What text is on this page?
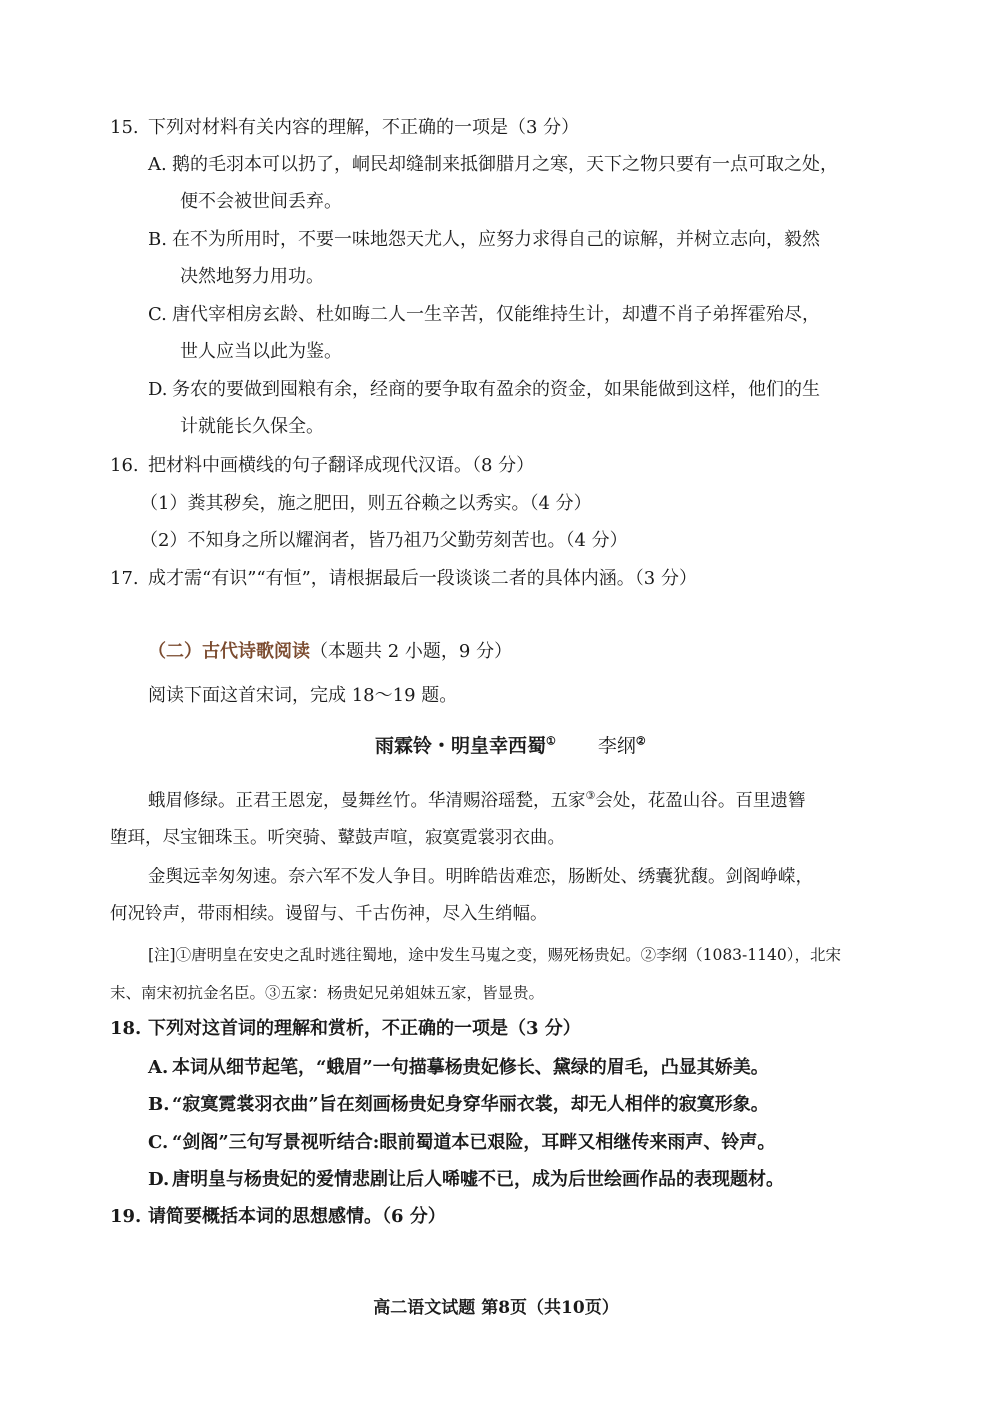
15. 下列对材料有关内容的理解，不正确的一项是（3 分）
A. 鹅的毛羽本可以扔了，峒民却缝制来抵御腊月之寒，天下之物只要有一点可取之处，
便不会被世间丢弃。
B. 在不为所用时，不要一味地怨天尤人，应努力求得自己的谅解，并树立志向，毅然
决然地努力用功。
C. 唐代宰相房玄龄、杜如晦二人一生辛苦，仅能维持生计，却遭不肖子弟挥霍殆尽，
世人应当以此为鉴。
D. 务农的要做到囤粮有余，经商的要争取有盈余的资金，如果能做到这样，他们的生
计就能长久保全。
16. 把材料中画横线的句子翻译成现代汉语。（8 分）
（1）粪其秽矣，施之肥田，则五谷赖之以秀实。（4 分）
（2）不知身之所以耀润者，皆乃祖乃父勤劳刻苦也。（4 分）
17. 成才需“有识”“有恒”，请根据最后一段谈谈二者的具体内涵。（3 分）
（二）古代诗歌阅读（本题共 2 小题，9 分）
阅读下面这首宋词，完成 18～19 题。
雨霖铃・明皇幸西蜀① 李纲②
蛾眉修绿。正君王恩宠，曼舞丝竹。华清赐浴瑶甃，五家③会处，花盈山谷。百里遗簪
堕珥，尽宝钿珠玉。听突骑、鼙鼓声喧，寂寞霓裳羽衣曲。
金舆远幸匆匆速。奈六军不发人争目。明眸皓齿难恋，肠断处、绣囊犹馥。剑阁峥嵘，
何况铃声，带雨相续。谩留与、千古伤神，尽入生绡幅。
[注]①唐明皇在安史之乱时逃往蜀地，途中发生马嵬之变，赐死杨贵妃。②李纲（1083-1140），北宋
末、南宋初抗金名臣。③五家：杨贵妃兄弟姐妹五家，皆显贵。
18. 下列对这首词的理解和赏析，不正确的一项是（3 分）
A. 本词从细节起笔，“蛾眉”一句描摹杨贵妃修长、黛绿的眉毛，凸显其娇美。
B. “寂寞霓裳羽衣曲”旨在刻画杨贵妃身穿华丽衣裳，却无人相伴的寂寞形象。
C. “剑阁”三句写景视听结合:眼前蜀道本已艰险，耳畔又相继传来雨声、铃声。
D. 唐明皇与杨贵妃的爱情悲剧让后人唏嘘不已，成为后世绘画作品的表现题材。
19. 请简要概括本词的思想感情。（6 分）
高二语文试题 第8页（共10页）
